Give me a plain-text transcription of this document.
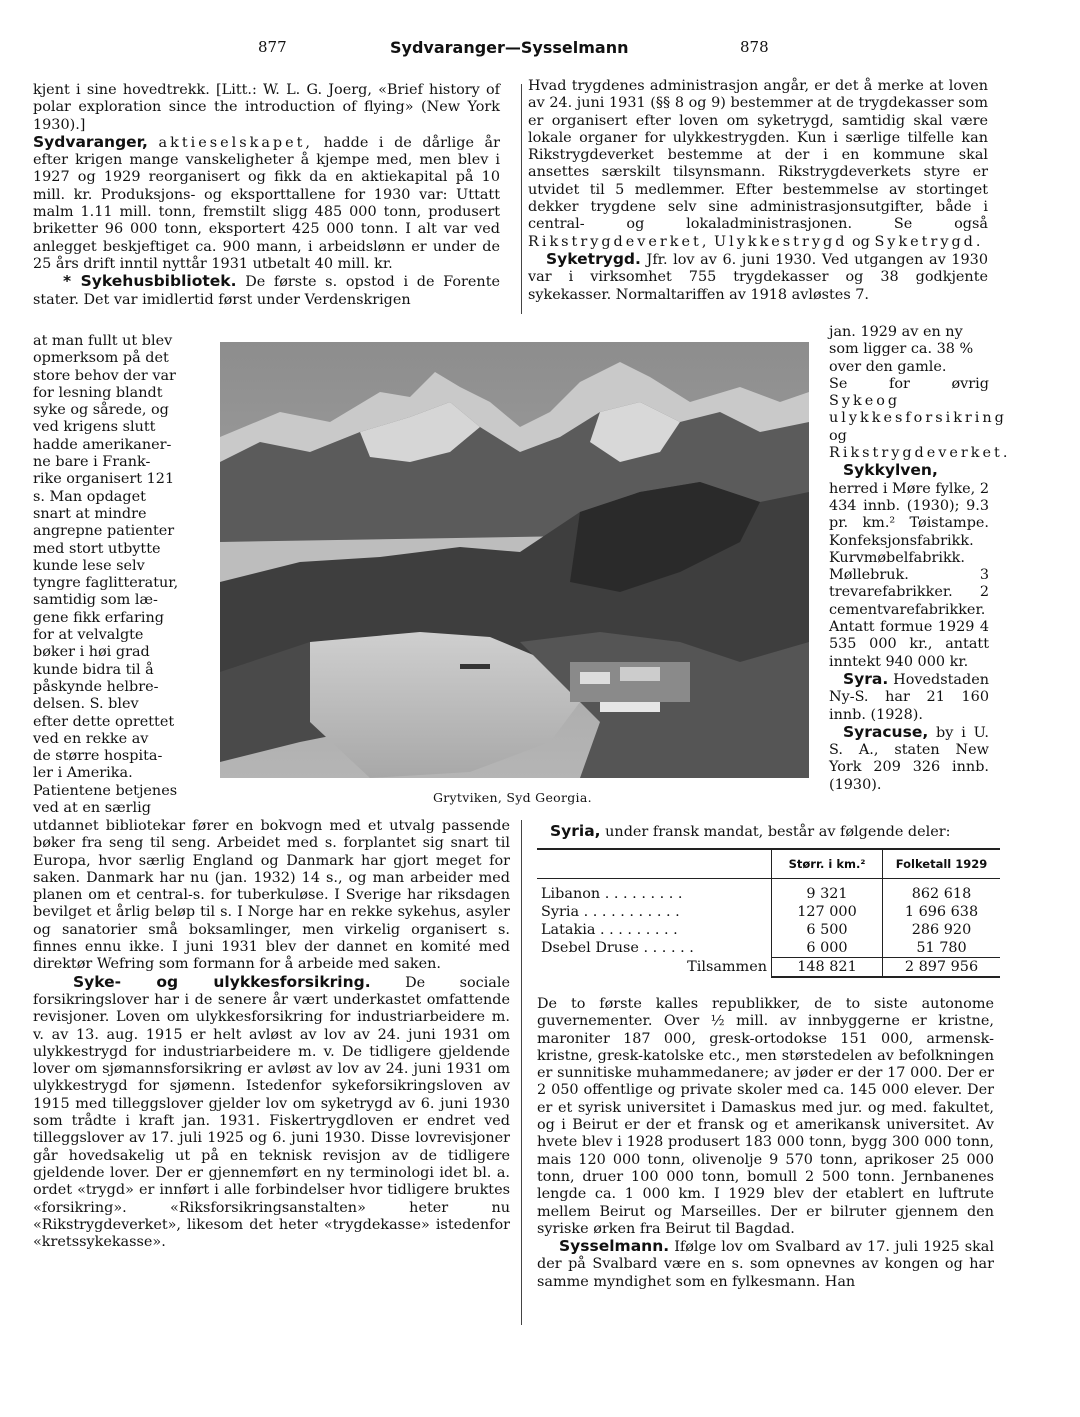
877	Sydvaranger—Sysselmann	878

kjent i sine hovedtrekk. [Litt.: W. L. G. Joerg, «Brief history of polar exploration since the introduction of flying» (New York 1930).]

Sydvaranger, aktieselskapet, hadde i de dårlige år efter krigen mange vanskeligheter å kjempe med, men blev i 1927 og 1929 reorganisert og fikk da en aktiekapital på 10 mill. kr. Produksjons- og eksporttallene for 1930 var: Uttatt malm 1.11 mill. tonn, fremstilt sligg 485 000 tonn, produsert briketter 96 000 tonn, eksportert 425 000 tonn. I alt var ved anlegget beskjeftiget ca. 900 mann, i arbeidslønn er under de 25 års drift inntil nyttår 1931 utbetalt 40 mill. kr.

* Sykehusbibliotek. De første s. opstod i de Forente stater. Det var imidlertid først under Verdenskrigen

at man fullt ut blev
opmerksom på det
store behov der var
for lesning blandt
syke og sårede, og
ved krigens slutt
hadde amerikaner-
ne bare i Frank-
rike organisert 121
s. Man opdaget
snart at mindre
angrepne patienter
med stort utbytte
kunde lese selv
tyngre faglitteratur,
samtidig som læ-
gene fikk erfaring
for at velvalgte
bøker i høi grad
kunde bidra til å
påskynde helbre-
delsen. S. blev
efter dette oprettet
ved en rekke av
de større hospita-
ler i Amerika.
Patientene betjenes
ved at en særlig

utdannet bibliotekar fører en bokvogn med et utvalg passende bøker fra seng til seng. Arbeidet med s. forplantet sig snart til Europa, hvor særlig England og Danmark har gjort meget for saken. Danmark har nu (jan. 1932) 14 s., og man arbeider med planen om et central-s. for tuberkuløse. I Sverige har riksdagen bevilget et årlig beløp til s. I Norge har en rekke sykehus, asyler og sanatorier små boksamlinger, men virkelig organisert s. finnes ennu ikke. I juni 1931 blev der dannet en komité med direktør Wefring som formann for å arbeide med saken.

Syke- og ulykkesforsikring. De sociale forsikringslover har i de senere år vært underkastet omfattende revisjoner. Loven om ulykkesforsikring for industriarbeidere m. v. av 13. aug. 1915 er helt avløst av lov av 24. juni 1931 om ulykkestrygd for industriarbeidere m. v. De tidligere gjeldende lover om sjømannsforsikring er avløst av lov av 24. juni 1931 om ulykkestrygd for sjømenn. Istedenfor sykeforsikringsloven av 1915 med tilleggslover gjelder lov om syketrygd av 6. juni 1930 som trådte i kraft jan. 1931. Fiskertrygdloven er endret ved tilleggslover av 17. juli 1925 og 6. juni 1930. Disse lovrevisjoner går hovedsakelig ut på en teknisk revisjon av de tidligere gjeldende lover. Der er gjennemført en ny terminologi idet bl. a. ordet «trygd» er innført i alle forbindelser hvor tidligere bruktes «forsikring». «Riksforsikringsanstalten» heter nu «Rikstrygdeverket», likesom det heter «trygdekasse» istedenfor «kretssykekasse».

Grytviken, Syd Georgia.

Hvad trygdenes administrasjon angår, er det å merke at loven av 24. juni 1931 (§§ 8 og 9) bestemmer at de trygdekasser som er organisert efter loven om syketrygd, samtidig skal være lokale organer for ulykkestrygden. Kun i særlige tilfelle kan Rikstrygdeverket bestemme at der i en kommune skal ansettes særskilt tilsynsmann. Rikstrygdeverkets styre er utvidet til 5 medlemmer. Efter bestemmelse av stortinget dekker trygdene selv sine administrasjonsutgifter, både i central- og lokaladministrasjonen. Se også Rikstrygdeverket, Ulykkestrygd og Syketrygd.

Syketrygd. Jfr. lov av 6. juni 1930. Ved utgangen av 1930 var i virksomhet 755 trygdekasser og 38 godkjente sykekasser. Normaltariffen av 1918 avløstes 7.

jan. 1929 av en ny
som ligger ca. 38 %
over den gamle.

Se for øvrig Sykeog ulykkesforsikring og Rikstrygdeverket.

Sykkylven, herred i Møre fylke, 2 434 innb. (1930); 9.3 pr. km.² Tøistampe. Konfeksjonsfabrikk. Kurvmøbelfabrikk. Møllebruk. 3 trevarefabrikker. 2 cementvarefabrikker. Antatt formue 1929 4 535 000 kr., antatt inntekt 940 000 kr.

Syra. Hovedstaden Ny-S. har 21 160 innb. (1928).

Syracuse, by i U. S. A., staten New York 209 326 innb. (1930).

Syria, under fransk mandat, består av følgende deler:
	Størr. i km.²	Folketall 1929

Libanon . . . . . . . . .	9 321	862 618
Syria . . . . . . . . . . .	127 000	1 696 638
Latakia . . . . . . . . .	6 500	286 920
Dsebel Druse . . . . . .	6 000	51 780
Tilsammen	148 821	2 897 956

De to første kalles republikker, de to siste autonome guvernementer. Over ½ mill. av innbyggerne er kristne, maroniter 187 000, gresk-ortodokse 151 000, armensk-kristne, gresk-katolske etc., men størstedelen av befolkningen er sunnitiske muhammedanere; av jøder er der 17 000. Der er 2 050 offentlige og private skoler med ca. 145 000 elever. Der er et syrisk universitet i Damaskus med jur. og med. fakultet, og i Beirut er der et fransk og et amerikansk universitet. Av hvete blev i 1928 produsert 183 000 tonn, bygg 300 000 tonn, mais 120 000 tonn, olivenolje 9 570 tonn, aprikoser 25 000 tonn, druer 100 000 tonn, bomull 2 500 tonn. Jernbanenes lengde ca. 1 000 km. I 1929 blev der etablert en luftrute mellem Beirut og Marseilles. Der er bilruter gjennem den syriske ørken fra Beirut til Bagdad.

Sysselmann. Ifølge lov om Svalbard av 17. juli 1925 skal der på Svalbard være en s. som opnevnes av kongen og har samme myndighet som en fylkesmann. Han
